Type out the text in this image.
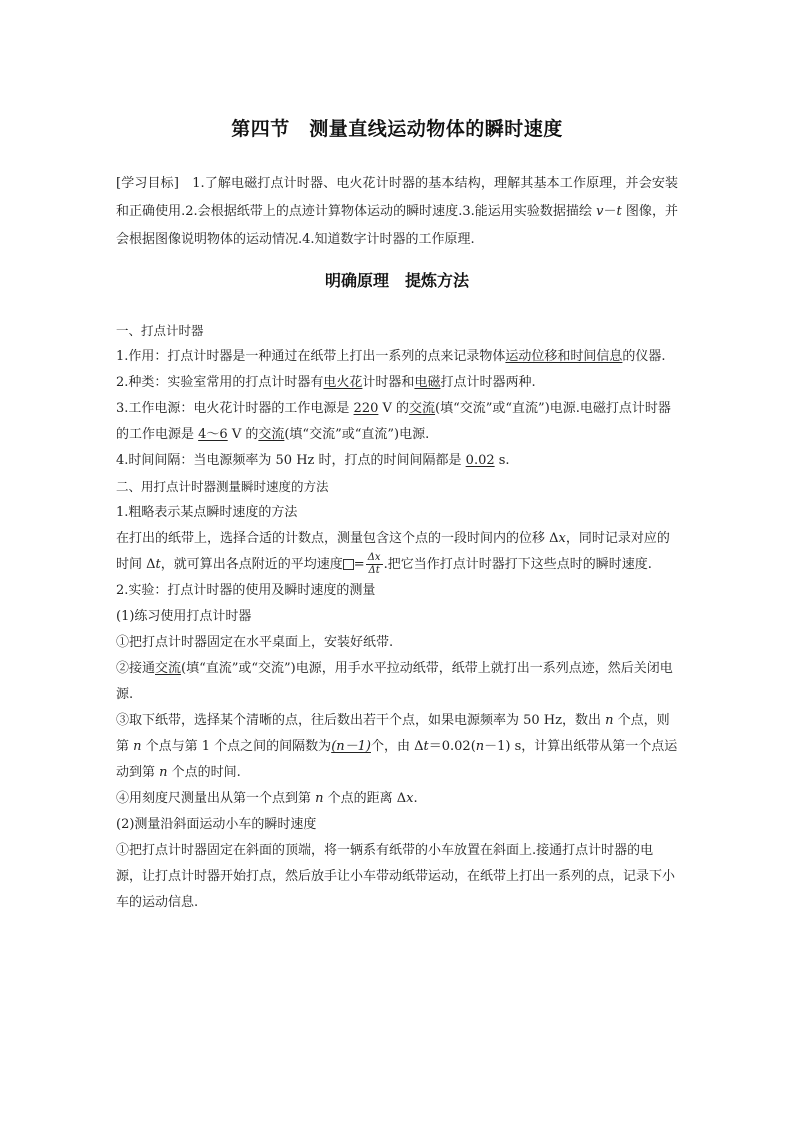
第四节　测量直线运动物体的瞬时速度

[学习目标]　1.了解电磁打点计时器、电火花计时器的基本结构，理解其基本工作原理，并会安装和正确使用.2.会根据纸带上的点迹计算物体运动的瞬时速度.3.能运用实验数据描绘 v－t 图像，并会根据图像说明物体的运动情况.4.知道数字计时器的工作原理.

明确原理　提炼方法

一、打点计时器

1.作用：打点计时器是一种通过在纸带上打出一系列的点来记录物体运动位移和时间信息的仪器.

2.种类：实验室常用的打点计时器有电火花计时器和电磁打点计时器两种.

3.工作电源：电火花计时器的工作电源是 220 V 的交流(填“交流”或“直流”)电源.电磁打点计时器的工作电源是 4～6 V 的交流(填“交流”或“直流”)电源.

4.时间间隔：当电源频率为 50 Hz 时，打点的时间间隔都是 0.02 s.

二、用打点计时器测量瞬时速度的方法

1.粗略表示某点瞬时速度的方法

在打出的纸带上，选择合适的计数点，测量包含这个点的一段时间内的位移 Δx，同时记录对应的时间 Δt，就可算出各点附近的平均速度 = $\frac{\Delta x}{\Delta t}$ .把它当作打点计时器打下这些点时的瞬时速度.

2.实验：打点计时器的使用及瞬时速度的测量

(1)练习使用打点计时器

①把打点计时器固定在水平桌面上，安装好纸带.

②接通交流(填“直流”或“交流”)电源，用手水平拉动纸带，纸带上就打出一系列点迹，然后关闭电源.

③取下纸带，选择某个清晰的点，往后数出若干个点，如果电源频率为 50 Hz，数出 n 个点，则第 n 个点与第 1 个点之间的间隔数为(n－1)个，由 Δt＝0.02(n－1) s，计算出纸带从第一个点运动到第 n 个点的时间.

④用刻度尺测量出从第一个点到第 n 个点的距离 Δx.

(2)测量沿斜面运动小车的瞬时速度

①把打点计时器固定在斜面的顶端，将一辆系有纸带的小车放置在斜面上.接通打点计时器的电源，让打点计时器开始打点，然后放手让小车带动纸带运动，在纸带上打出一系列的点，记录下小车的运动信息.
